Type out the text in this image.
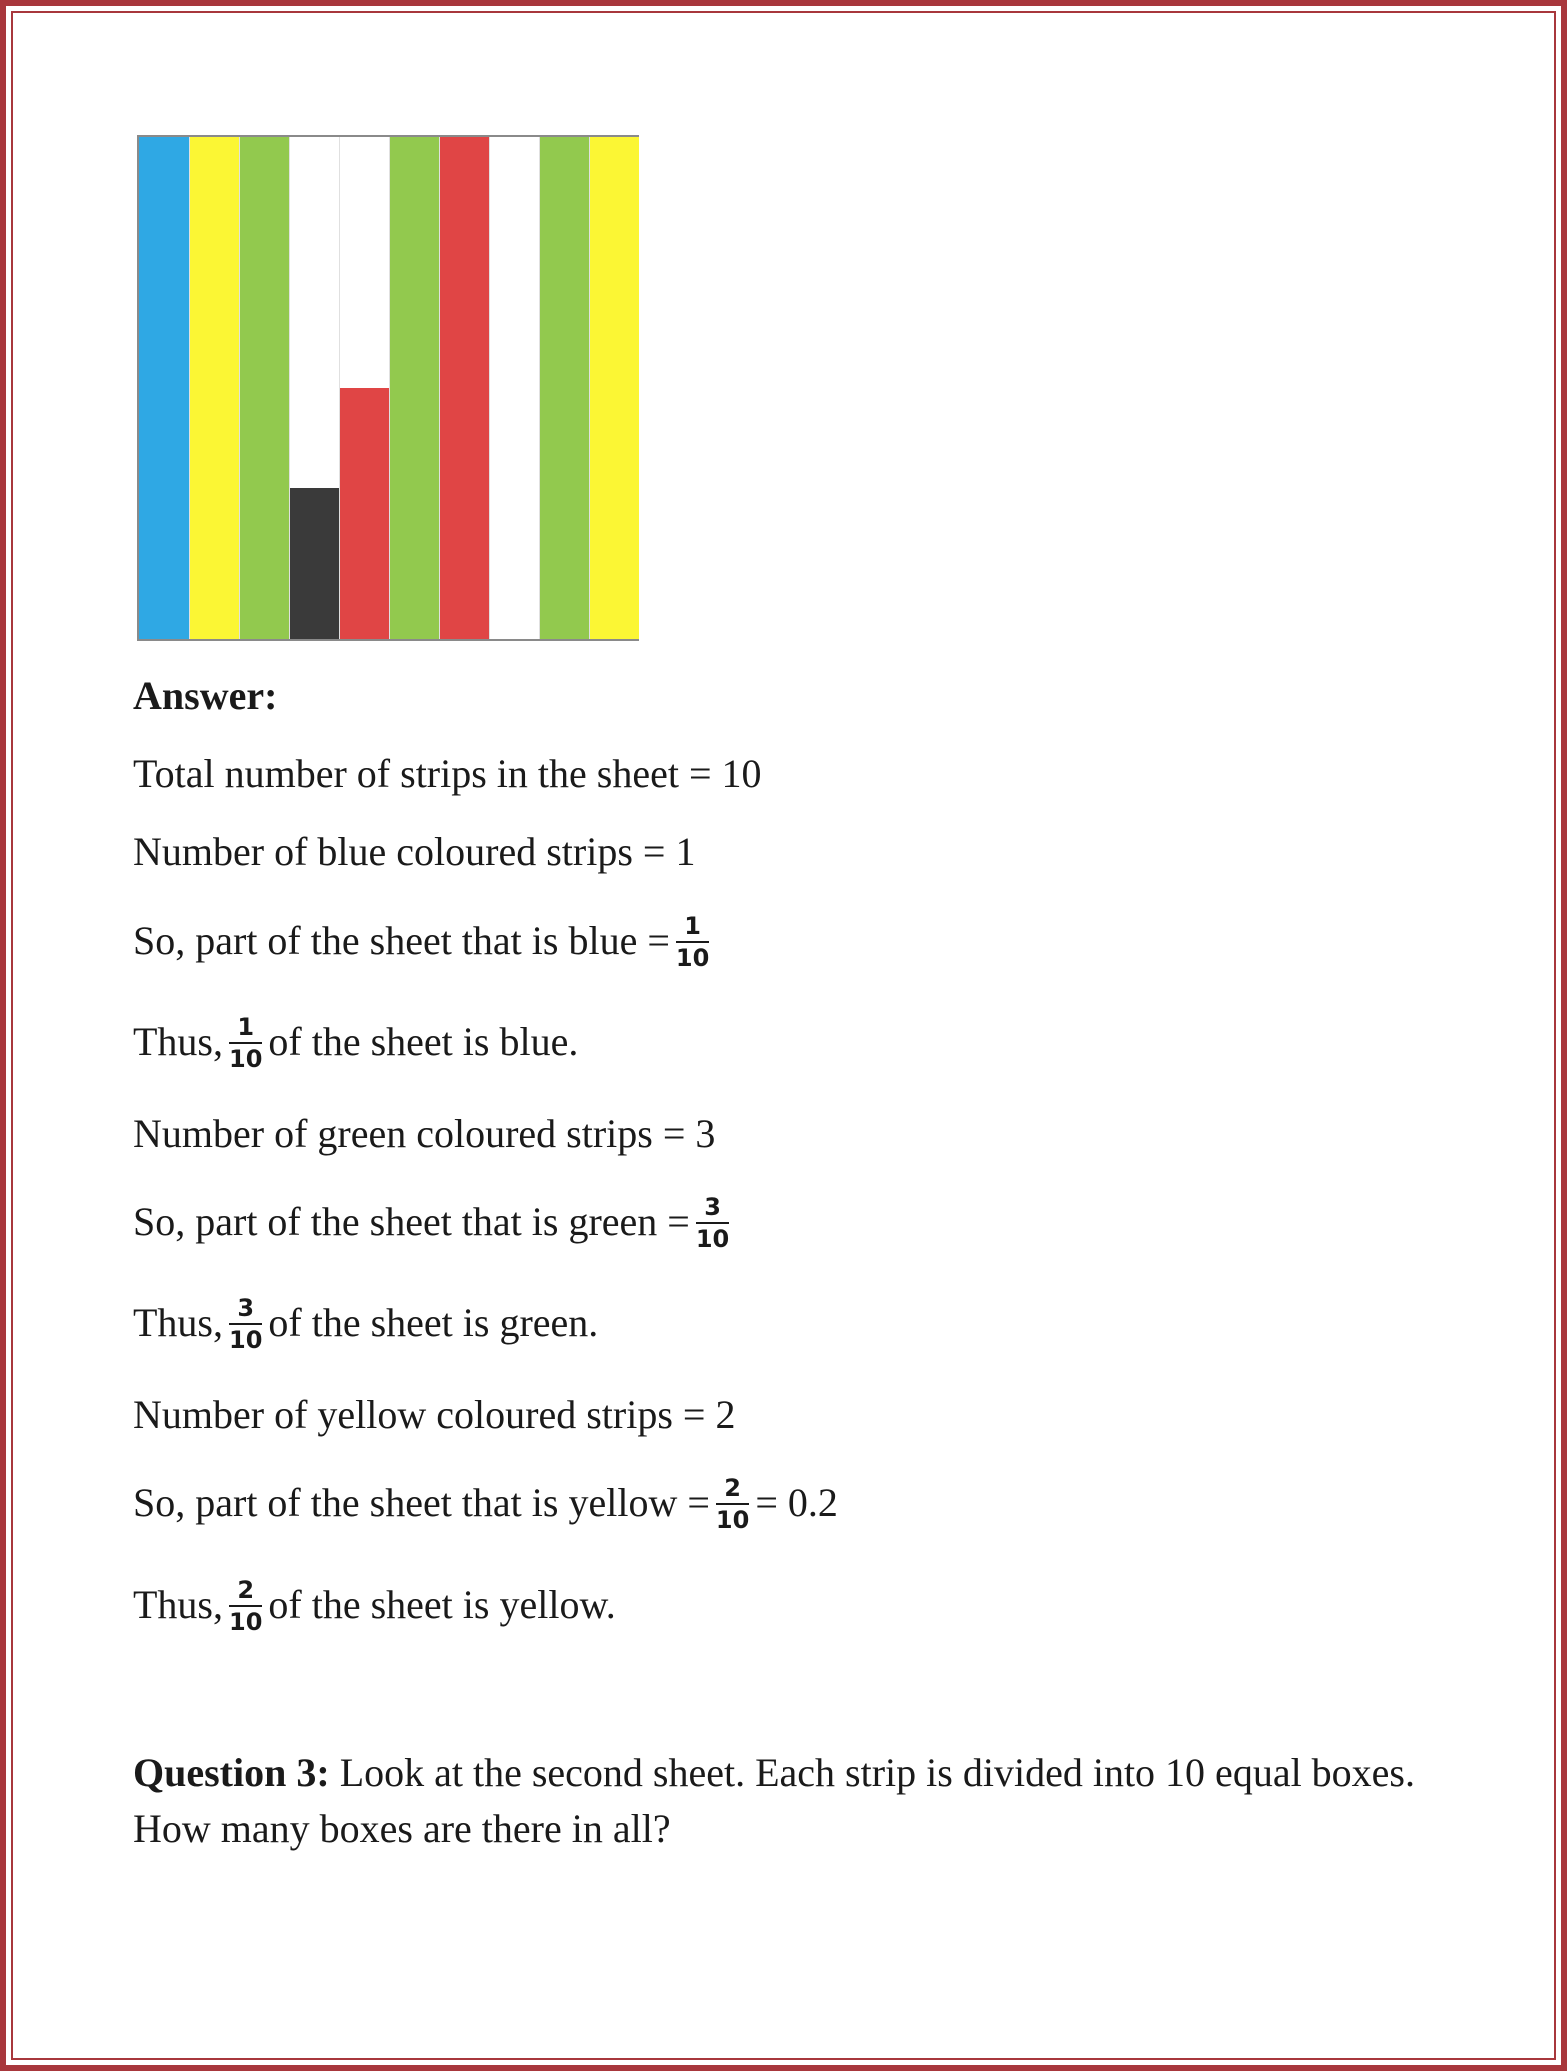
Answer:
Total number of strips in the sheet = 10
Number of blue coloured strips = 1
So, part of the sheet that is blue = $\frac{1}{10}$
Thus, $\frac{1}{10}$ of the sheet is blue.
Number of green coloured strips = 3
So, part of the sheet that is green = $\frac{3}{10}$
Thus, $\frac{3}{10}$ of the sheet is green.
Number of yellow coloured strips = 2
So, part of the sheet that is yellow = $\frac{2}{10} = 0.2$
Thus, $\frac{2}{10}$ of the sheet is yellow.
Question 3: Look at the second sheet. Each strip is divided into 10 equal boxes. How many boxes are there in all?
